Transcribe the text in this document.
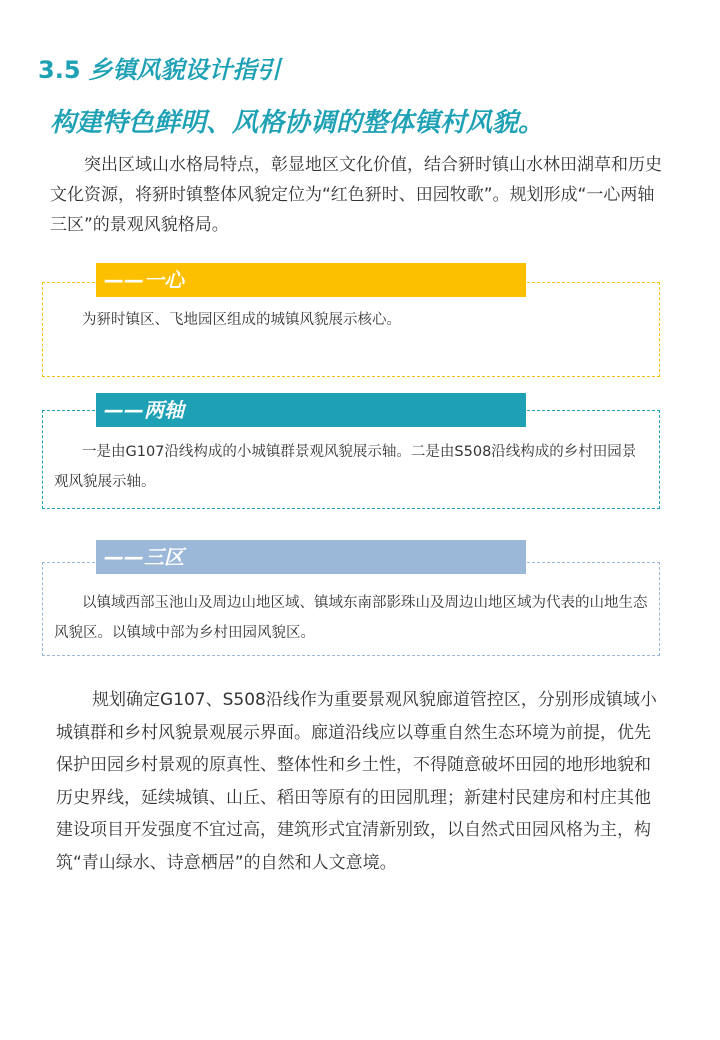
3.5 乡镇风貌设计指引
构建特色鲜明、风格协调的整体镇村风貌。
突出区域山水格局特点，彰显地区文化价值，结合豜时镇山水林田湖草和历史文化资源，将豜时镇整体风貌定位为“红色豜时、田园牧歌”。规划形成“一心两轴三区”的景观风貌格局。
——一心
为豜时镇区、飞地园区组成的城镇风貌展示核心。
——两轴
一是由G107沿线构成的小城镇群景观风貌展示轴。二是由S508沿线构成的乡村田园景观风貌展示轴。
——三区
以镇域西部玉池山及周边山地区域、镇域东南部影珠山及周边山地区域为代表的山地生态风貌区。以镇域中部为乡村田园风貌区。
规划确定G107、S508沿线作为重要景观风貌廊道管控区，分别形成镇域小城镇群和乡村风貌景观展示界面。廊道沿线应以尊重自然生态环境为前提，优先保护田园乡村景观的原真性、整体性和乡土性，不得随意破坏田园的地形地貌和历史界线，延续城镇、山丘、稻田等原有的田园肌理；新建村民建房和村庄其他建设项目开发强度不宜过高，建筑形式宜清新别致，以自然式田园风格为主，构筑“青山绿水、诗意栖居”的自然和人文意境。
